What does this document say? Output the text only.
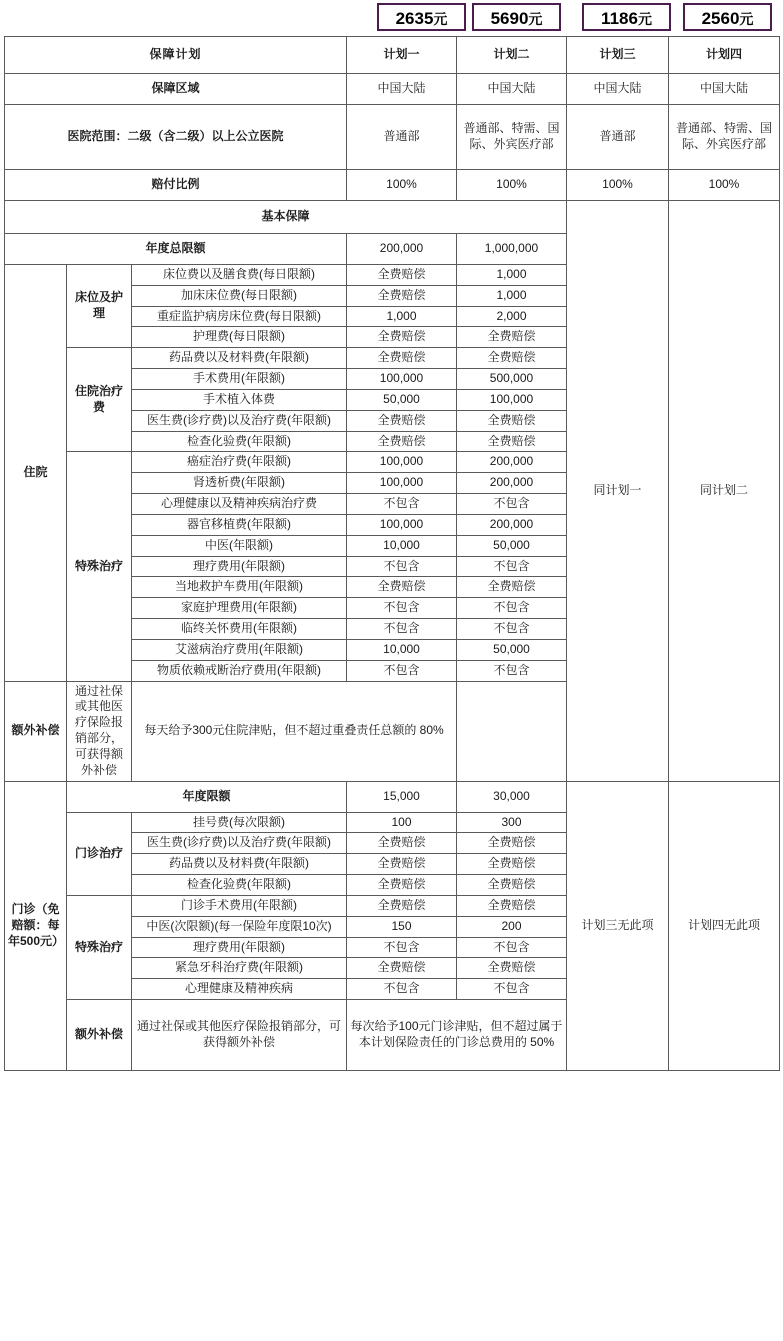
2635元	5690元	1186元	2560元
保障计划			计划一	计划二	计划三	计划四
保障区域			中国大陆	中国大陆	中国大陆	中国大陆
医院范围：二级（含二级）以上公立医院			普通部	普通部、特需、国际、外宾医疗部	普通部	普通部、特需、国际、外宾医疗部
赔付比例			100%	100%	100%	100%
基本保障					同计划一	同计划二
年度总限额			200,000	1,000,000		
住院	床位及护理	床位费以及膳食费(每日限额)	全费赔偿	1,000		
		加床床位费(每日限额)	全费赔偿	1,000		
		重症监护病房床位费(每日限额)	1,000	2,000		
		护理费(每日限额)	全费赔偿	全费赔偿		
	住院治疗费	药品费以及材料费(年限额)	全费赔偿	全费赔偿		
		手术费用(年限额)	100,000	500,000		
		手术植入体费	50,000	100,000		
		医生费(诊疗费)以及治疗费(年限额)	全费赔偿	全费赔偿		
		检查化验费(年限额)	全费赔偿	全费赔偿		
	特殊治疗	癌症治疗费(年限额)	100,000	200,000		
		肾透析费(年限额)	100,000	200,000		
		心理健康以及精神疾病治疗费	不包含	不包含		
		器官移植费(年限额)	100,000	200,000		
		中医(年限额)	10,000	50,000		
		理疗费用(年限额)	不包含	不包含		
		当地救护车费用(年限额)	全费赔偿	全费赔偿		
		家庭护理费用(年限额)	不包含	不包含		
		临终关怀费用(年限额)	不包含	不包含		
		艾滋病治疗费用(年限额)	10,000	50,000		
		物质依赖戒断治疗费用(年限额)	不包含	不包含		
额外补偿	通过社保或其他医疗保险报销部分，可获得额外补偿	每天给予300元住院津贴，但不超过重叠责任总额的 80%				
门诊（免赔额：每年500元）	年度限额		15,000	30,000	计划三无此项	计划四无此项
	门诊治疗	挂号费(每次限额)	100	300		
		医生费(诊疗费)以及治疗费(年限额)	全费赔偿	全费赔偿		
		药品费以及材料费(年限额)	全费赔偿	全费赔偿		
		检查化验费(年限额)	全费赔偿	全费赔偿		
	特殊治疗	门诊手术费用(年限额)	全费赔偿	全费赔偿		
		中医(次限额)(每一保险年度限10次)	150	200		
		理疗费用(年限额)	不包含	不包含		
		紧急牙科治疗费(年限额)	全费赔偿	全费赔偿		
		心理健康及精神疾病	不包含	不包含		
	额外补偿	通过社保或其他医疗保险报销部分，可获得额外补偿	每次给予100元门诊津贴，但不超过属于本计划保险责任的门诊总费用的 50%			
